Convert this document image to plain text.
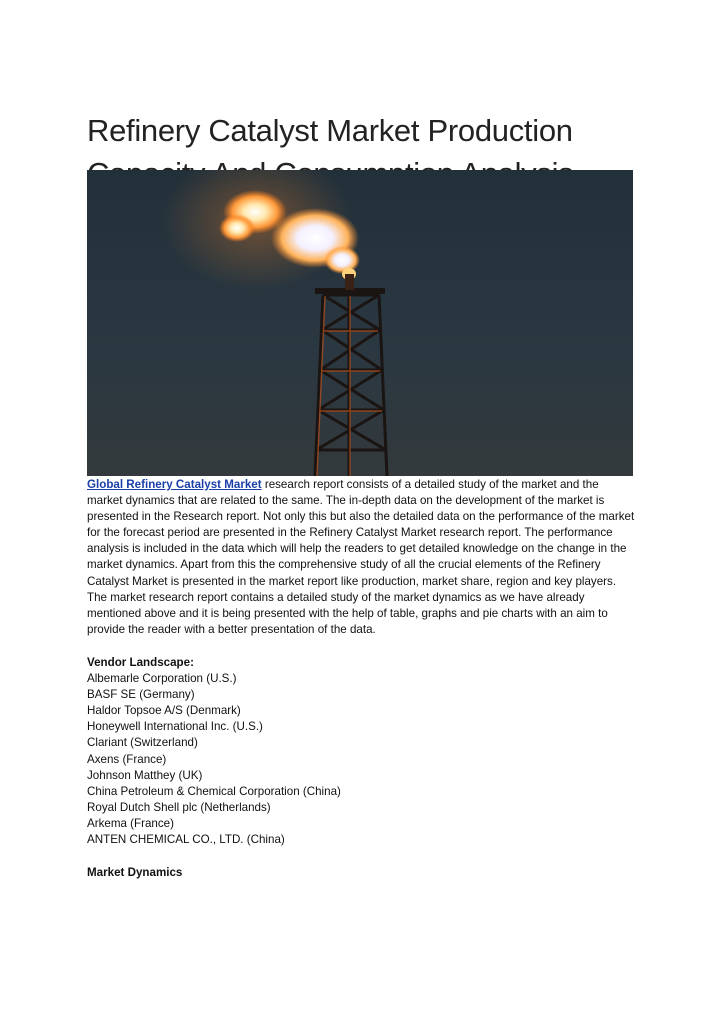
Refinery Catalyst Market Production

Global Refinery Catalyst Market research report consists of a detailed study of the market and the market dynamics that are related to the same. The in-depth data on the development of the market is presented in the Research report. Not only this but also the detailed data on the performance of the market for the forecast period are presented in the Refinery Catalyst Market research report. The performance analysis is included in the data which will help the readers to get detailed knowledge on the change in the market dynamics. Apart from this the comprehensive study of all the crucial elements of the Refinery Catalyst Market is presented in the market report like production, market share, region and key players. The market research report contains a detailed study of the market dynamics as we have already mentioned above and it is being presented with the help of table, graphs and pie charts with an aim to provide the reader with a better presentation of the data.

Vendor Landscape:

Albemarle Corporation (U.S.)
BASF SE (Germany)
Haldor Topsoe A/S (Denmark)
Honeywell International Inc. (U.S.)
Clariant (Switzerland)
Axens (France)
Johnson Matthey (UK)
China Petroleum & Chemical Corporation (China)
Royal Dutch Shell plc (Netherlands)
Arkema (France)
ANTEN CHEMICAL CO., LTD. (China)

Market Dynamics
